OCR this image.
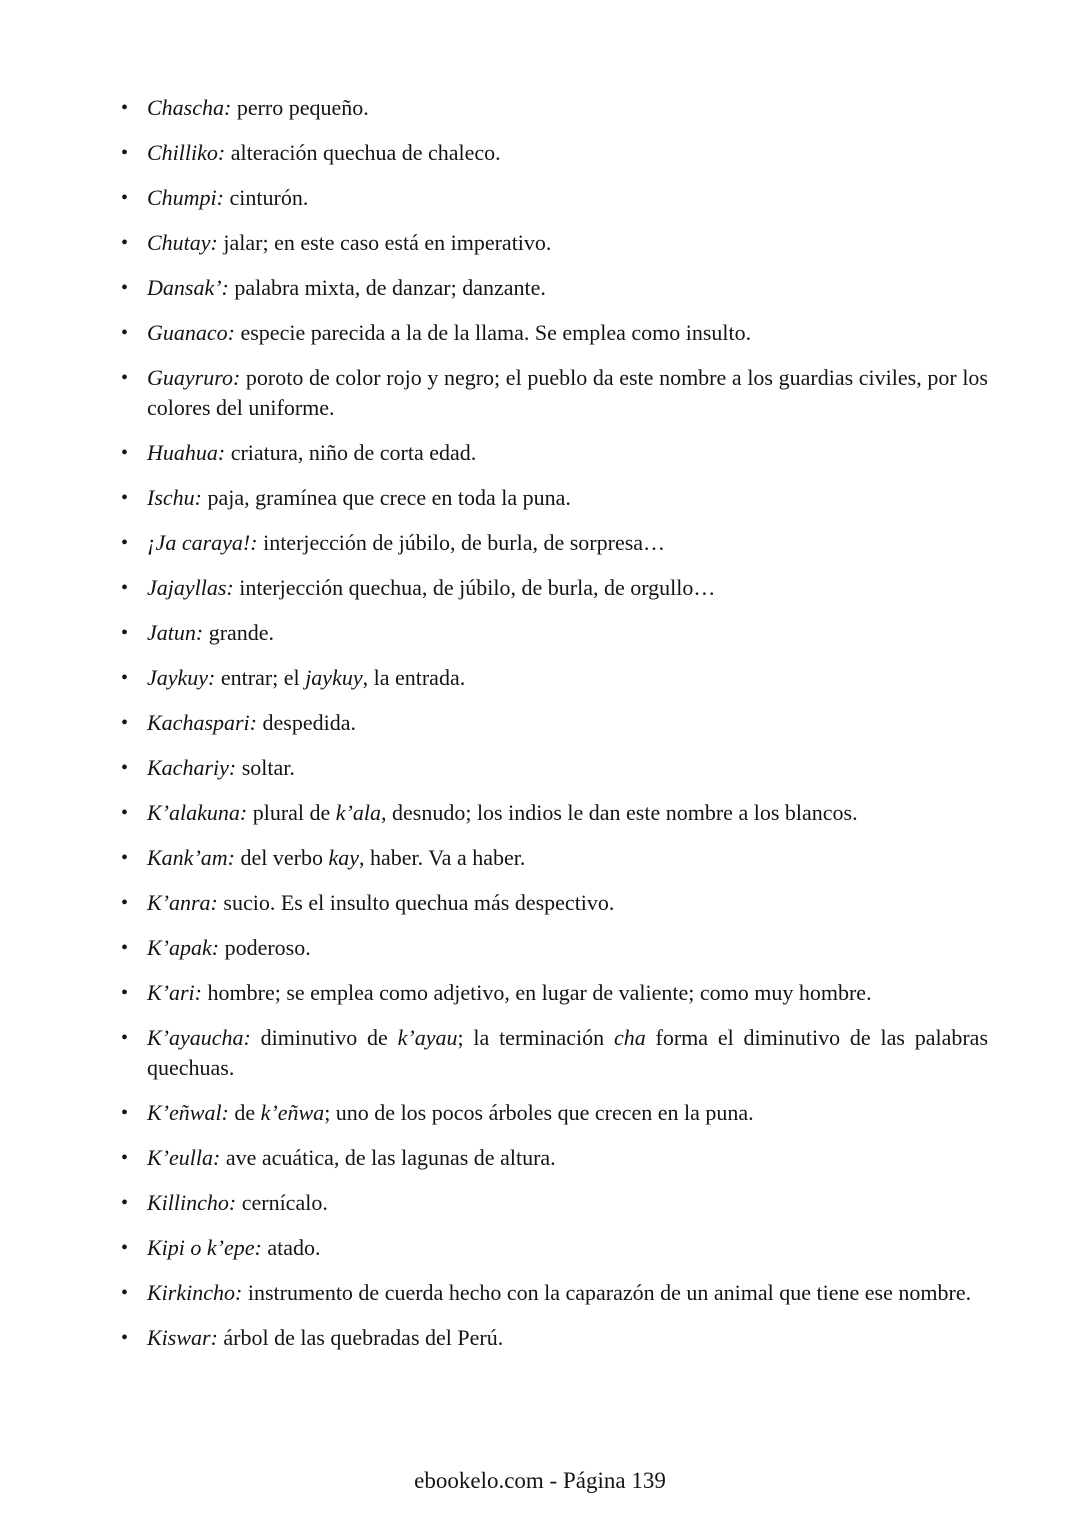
• Chascha: perro pequeño.
• Chilliko: alteración quechua de chaleco.
• Chumpi: cinturón.
• Chutay: jalar; en este caso está en imperativo.
• Dansak’: palabra mixta, de danzar; danzante.
• Guanaco: especie parecida a la de la llama. Se emplea como insulto.
• Guayruro: poroto de color rojo y negro; el pueblo da este nombre a los guardias civiles, por los colores del uniforme.
• Huahua: criatura, niño de corta edad.
• Ischu: paja, gramínea que crece en toda la puna.
• ¡Ja caraya!: interjección de júbilo, de burla, de sorpresa…
• Jajayllas: interjección quechua, de júbilo, de burla, de orgullo…
• Jatun: grande.
• Jaykuy: entrar; el jaykuy, la entrada.
• Kachaspari: despedida.
• Kachariy: soltar.
• K’alakuna: plural de k’ala, desnudo; los indios le dan este nombre a los blancos.
• Kank’am: del verbo kay, haber. Va a haber.
• K’anra: sucio. Es el insulto quechua más despectivo.
• K’apak: poderoso.
• K’ari: hombre; se emplea como adjetivo, en lugar de valiente; como muy hombre.
• K’ayaucha: diminutivo de k’ayau; la terminación cha forma el diminutivo de las palabras quechuas.
• K’eñwal: de k’eñwa; uno de los pocos árboles que crecen en la puna.
• K’eulla: ave acuática, de las lagunas de altura.
• Killincho: cernícalo.
• Kipi o k’epe: atado.
• Kirkincho: instrumento de cuerda hecho con la caparazón de un animal que tiene ese nombre.
• Kiswar: árbol de las quebradas del Perú.
ebookelo.com - Página 139
